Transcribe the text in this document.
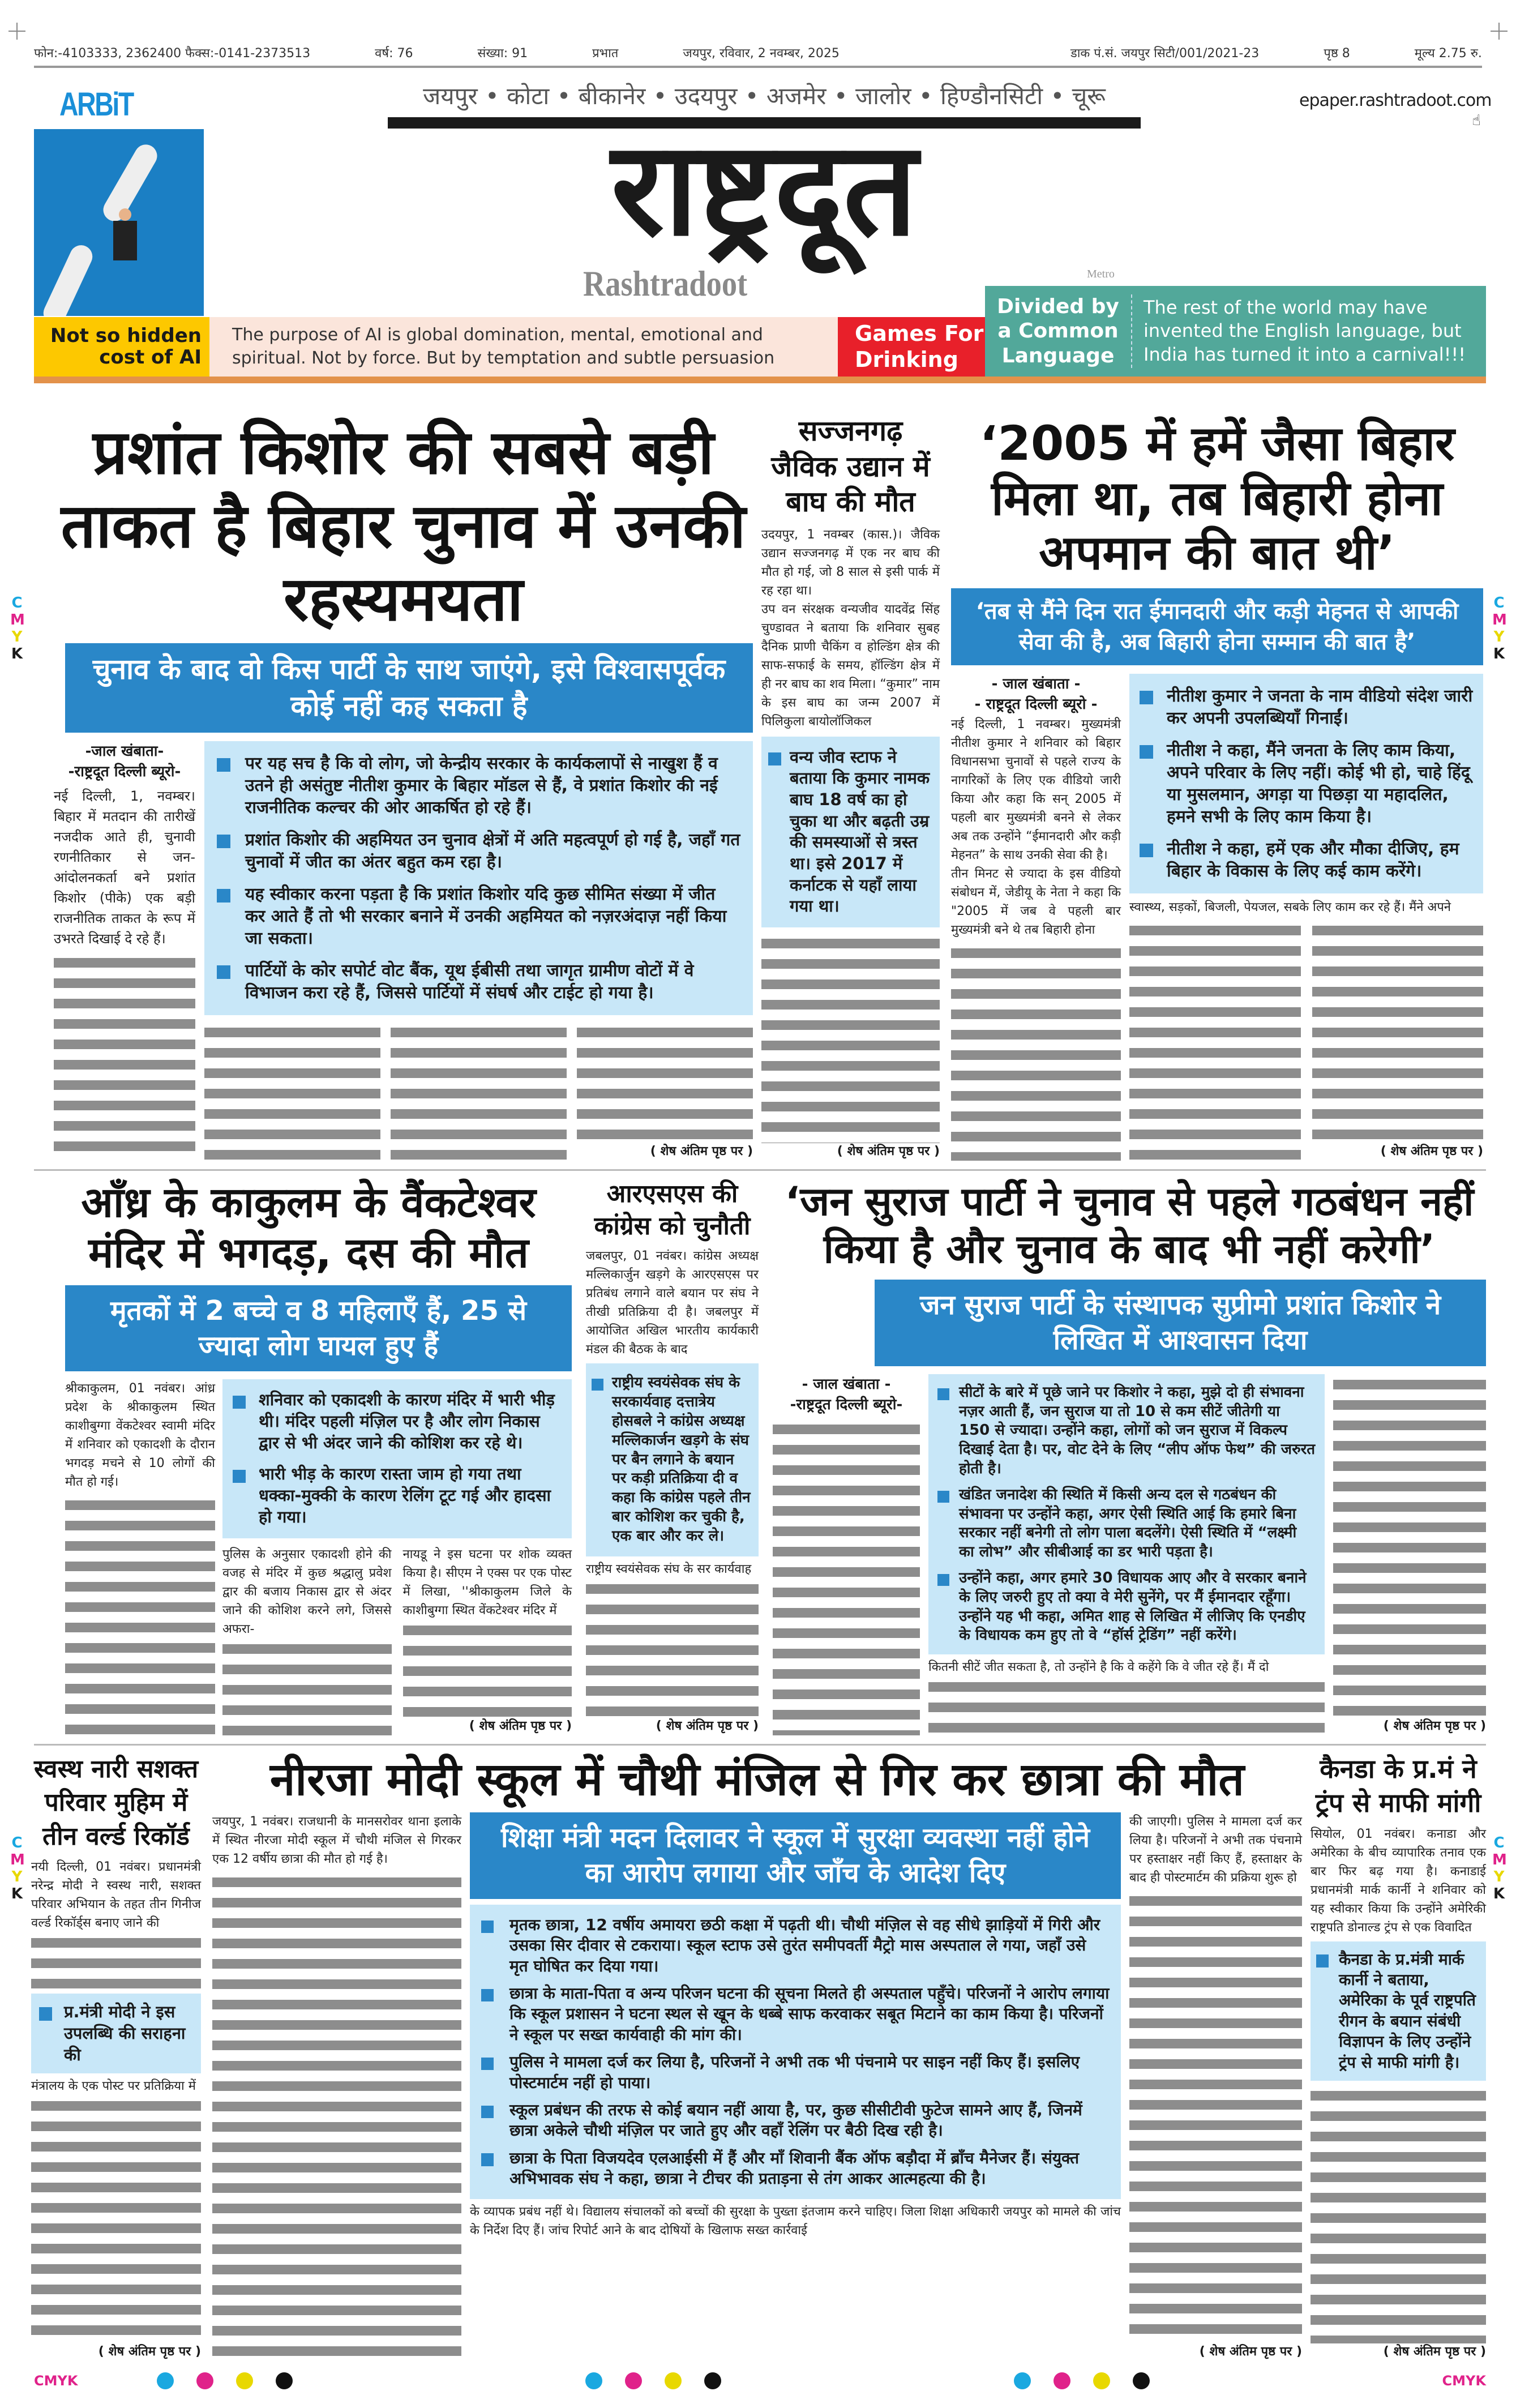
फोन:-4103333, 2362400 फैक्स:-0141-2373513	वर्ष: 76	संख्या: 91	प्रभात	जयपुर, रविवार, 2 नवम्बर, 2025	डाक पं.सं. जयपुर सिटी/001/2021-23	पृष्ठ 8	मूल्य 2.75 रु.
ARBiT	जयपुर • कोटा • बीकानेर • उदयपुर • अजमेर • जालोर • हिण्डौनसिटी • चूरू
राष्ट्रदूत
Metro
Rashtradoot
epaper.rashtradoot.com
☝
Not so hidden cost of AI
The purpose of AI is global domination, mental, emotional and spiritual. Not by force. But by temptation and subtle persuasion
Games For Drinking
Divided by a Common Language
The rest of the world may have invented the English language, but India has turned it into a carnival!!!
C
M
Y
K
C
M
Y
K
C
M
Y
K
C
M
Y
K
प्रशांत किशोर की सबसे बड़ी ताकत है बिहार चुनाव में उनकी रहस्यमयता
चुनाव के बाद वो किस पार्टी के साथ जाएंगे, इसे विश्वासपूर्वक कोई नहीं कह सकता है
-जाल खंबाता-
-राष्ट्रदूत दिल्ली ब्यूरो-
नई दिल्ली, 1, नवम्बर। बिहार में मतदान की तारीखें नजदीक आते ही, चुनावी रणनीतिकार से जन-आंदोलनकर्ता बने प्रशांत किशोर (पीके) एक बड़ी राजनीतिक ताकत के रूप में उभरते दिखाई दे रहे हैं।
पर यह सच है कि वो लोग, जो केन्द्रीय सरकार के कार्यकलापों से नाखुश हैं व उतने ही असंतुष्ट नीतीश कुमार के बिहार मॉडल से हैं, वे प्रशांत किशोर की नई राजनीतिक कल्चर की ओर आकर्षित हो रहे हैं।
प्रशांत किशोर की अहमियत उन चुनाव क्षेत्रों में अति महत्वपूर्ण हो गई है, जहाँ गत चुनावों में जीत का अंतर बहुत कम रहा है।
यह स्वीकार करना पड़ता है कि प्रशांत किशोर यदि कुछ सीमित संख्या में जीत कर आते हैं तो भी सरकार बनाने में उनकी अहमियत को नज़रअंदाज़ नहीं किया जा सकता।
पार्टियों के कोर सपोर्ट वोट बैंक, यूथ ईबीसी तथा जागृत ग्रामीण वोटों में वे विभाजन करा रहे हैं, जिससे पार्टियों में संघर्ष और टाईट हो गया है।
( शेष अंतिम पृष्ठ पर )
सज्जनगढ़ जैविक उद्यान में बाघ की मौत
उदयपुर, 1 नवम्बर (कास.)। जैविक उद्यान सज्जनगढ़ में एक नर बाघ की मौत हो गई, जो 8 साल से इसी पार्क में रह रहा था।
उप वन संरक्षक वन्यजीव यादवेंद्र सिंह चुण्डावत ने बताया कि शनिवार सुबह दैनिक प्राणी चैकिंग व होल्डिंग क्षेत्र की साफ-सफाई के समय, हॉल्डिंग क्षेत्र में ही नर बाघ का शव मिला। “कुमार” नाम के इस बाघ का जन्म 2007 में पिलिकुला बायोलॉजिकल
वन्य जीव स्टाफ ने बताया कि कुमार नामक बाघ 18 वर्ष का हो चुका था और बढ़ती उम्र की समस्याओं से त्रस्त था। इसे 2017 में कर्नाटक से यहाँ लाया गया था।
( शेष अंतिम पृष्ठ पर )
‘2005 में हमें जैसा बिहार मिला था, तब बिहारी होना अपमान की बात थी’
‘तब से मैंने दिन रात ईमानदारी और कड़ी मेहनत से आपकी सेवा की है, अब बिहारी होना सम्मान की बात है’
- जाल खंबाता -
- राष्ट्रदूत दिल्ली ब्यूरो -
नई दिल्ली, 1 नवम्बर। मुख्यमंत्री नीतीश कुमार ने शनिवार को बिहार विधानसभा चुनावों से पहले राज्य के नागरिकों के लिए एक वीडियो जारी किया और कहा कि सन् 2005 में पहली बार मुख्यमंत्री बनने से लेकर अब तक उन्होंने “ईमानदारी और कड़ी मेहनत” के साथ उनकी सेवा की है।
तीन मिनट से ज्यादा के इस वीडियो संबोधन में, जेडीयू के नेता ने कहा कि "2005 में जब वे पहली बार मुख्यमंत्री बने थे तब बिहारी होना
नीतीश कुमार ने जनता के नाम वीडियो संदेश जारी कर अपनी उपलब्धियाँ गिनाईं।
नीतीश ने कहा, मैंने जनता के लिए काम किया, अपने परिवार के लिए नहीं। कोई भी हो, चाहे हिंदू या मुसलमान, अगड़ा या पिछड़ा या महादलित, हमने सभी के लिए काम किया है।
नीतीश ने कहा, हमें एक और मौका दीजिए, हम बिहार के विकास के लिए कई काम करेंगे।
स्वास्थ्य, सड़कों, बिजली, पेयजल, सबके लिए काम कर रहे हैं। मैंने अपने
( शेष अंतिम पृष्ठ पर )
आँध्र के काकुलम के वैंकटेश्वर मंदिर में भगदड़, दस की मौत
मृतकों में 2 बच्चे व 8 महिलाएँ हैं, 25 से ज्यादा लोग घायल हुए हैं
श्रीकाकुलम, 01 नवंबर। आंध्र प्रदेश के श्रीकाकुलम स्थित काशीबुग्गा वेंकटेश्वर स्वामी मंदिर में शनिवार को एकादशी के दौरान भगदड़ मचने से 10 लोगों की मौत हो गई।
शनिवार को एकादशी के कारण मंदिर में भारी भीड़ थी। मंदिर पहली मंज़िल पर है और लोग निकास द्वार से भी अंदर जाने की कोशिश कर रहे थे।
भारी भीड़ के कारण रास्ता जाम हो गया तथा धक्का-मुक्की के कारण रेलिंग टूट गई और हादसा हो गया।
पुलिस के अनुसार एकादशी होने की वजह से मंदिर में कुछ श्रद्धालु प्रवेश द्वार की बजाय निकास द्वार से अंदर जाने की कोशिश करने लगे, जिससे अफरा-
नायडू ने इस घटना पर शोक व्यक्त किया है। सीएम ने एक्स पर एक पोस्ट में लिखा, ''श्रीकाकुलम जिले के काशीबुग्गा स्थित वेंकटेश्वर मंदिर में
( शेष अंतिम पृष्ठ पर )
आरएसएस की कांग्रेस को चुनौती
जबलपुर, 01 नवंबर। कांग्रेस अध्यक्ष मल्लिकार्जुन खड़गे के आरएसएस पर प्रतिबंध लगाने वाले बयान पर संघ ने तीखी प्रतिक्रिया दी है। जबलपुर में आयोजित अखिल भारतीय कार्यकारी मंडल की बैठक के बाद
राष्ट्रीय स्वयंसेवक संघ के सरकार्यवाह दत्तात्रेय होसबले ने कांग्रेस अध्यक्ष मल्लिकार्जन खड़गे के संघ पर बैन लगाने के बयान पर कड़ी प्रतिक्रिया दी व कहा कि कांग्रेस पहले तीन बार कोशिश कर चुकी है, एक बार और कर ले।
राष्ट्रीय स्वयंसेवक संघ के सर कार्यवाह
( शेष अंतिम पृष्ठ पर )
‘जन सुराज पार्टी ने चुनाव से पहले गठबंधन नहीं किया है और चुनाव के बाद भी नहीं करेगी’
जन सुराज पार्टी के संस्थापक सुप्रीमो प्रशांत किशोर ने लिखित में आश्वासन दिया
- जाल खंबाता -
-राष्ट्रदूत दिल्ली ब्यूरो-
सीटों के बारे में पूछे जाने पर किशोर ने कहा, मुझे दो ही संभावना नज़र आती हैं, जन सुराज या तो 10 से कम सीटें जीतेगी या 150 से ज्यादा। उन्होंने कहा, लोगों को जन सुराज में विकल्प दिखाई देता है। पर, वोट देने के लिए “लीप ऑफ फेथ” की जरुरत होती है।
खंडित जनादेश की स्थिति में किसी अन्य दल से गठबंधन की संभावना पर उन्होंने कहा, अगर ऐसी स्थिति आई कि हमारे बिना सरकार नहीं बनेगी तो लोग पाला बदलेंगे। ऐसी स्थिति में “लक्ष्मी का लोभ” और सीबीआई का डर भारी पड़ता है।
उन्होंने कहा, अगर हमारे 30 विधायक आए और वे सरकार बनाने के लिए जरुरी हुए तो क्या वे मेरी सुनेंगे, पर मैं ईमानदार रहूँगा। उन्होंने यह भी कहा, अमित शाह से लिखित में लीजिए कि एनडीए के विधायक कम हुए तो वे “हॉर्स ट्रेडिंग” नहीं करेंगे।
कितनी सीटें जीत सकता है, तो उन्होंने है कि वे कहेंगे कि वे जीत रहे हैं। मैं दो
( शेष अंतिम पृष्ठ पर )
स्वस्थ नारी सशक्त परिवार मुहिम में तीन वर्ल्ड रिकॉर्ड
नयी दिल्ली, 01 नवंबर। प्रधानमंत्री नरेन्द्र मोदी ने स्वस्थ नारी, सशक्त परिवार अभियान के तहत तीन गिनीज वर्ल्ड रिकॉर्ड्स बनाए जाने की
प्र.मंत्री मोदी ने इस उपलब्धि की सराहना की
मंत्रालय के एक पोस्ट पर प्रतिक्रिया में
( शेष अंतिम पृष्ठ पर )
नीरजा मोदी स्कूल में चौथी मंजिल से गिर कर छात्रा की मौत
जयपुर, 1 नवंबर। राजधानी के मानसरोवर थाना इलाके में स्थित नीरजा मोदी स्कूल में चौथी मंजिल से गिरकर एक 12 वर्षीय छात्रा की मौत हो गई है।
शिक्षा मंत्री मदन दिलावर ने स्कूल में सुरक्षा व्यवस्था नहीं होने का आरोप लगाया और जाँच के आदेश दिए
मृतक छात्रा, 12 वर्षीय अमायरा छठी कक्षा में पढ़ती थी। चौथी मंज़िल से वह सीधे झाड़ियों में गिरी और उसका सिर दीवार से टकराया। स्कूल स्टाफ उसे तुरंत समीपवर्ती मैट्रो मास अस्पताल ले गया, जहाँ उसे मृत घोषित कर दिया गया।
छात्रा के माता-पिता व अन्य परिजन घटना की सूचना मिलते ही अस्पताल पहुँचे। परिजनों ने आरोप लगाया कि स्कूल प्रशासन ने घटना स्थल से खून के धब्बे साफ करवाकर सबूत मिटाने का काम किया है। परिजनों ने स्कूल पर सख्त कार्यवाही की मांग की।
पुलिस ने मामला दर्ज कर लिया है, परिजनों ने अभी तक भी पंचनामे पर साइन नहीं किए हैं। इसलिए पोस्टमार्टम नहीं हो पाया।
स्कूल प्रबंधन की तरफ से कोई बयान नहीं आया है, पर, कुछ सीसीटीवी फुटेज सामने आए हैं, जिनमें छात्रा अकेले चौथी मंज़िल पर जाते हुए और वहाँ रेलिंग पर बैठी दिख रही है।
छात्रा के पिता विजयदेव एलआईसी में हैं और माँ शिवानी बैंक ऑफ बड़ौदा में ब्राँच मैनेजर हैं। संयुक्त अभिभावक संघ ने कहा, छात्रा ने टीचर की प्रताड़ना से तंग आकर आत्महत्या की है।
के व्यापक प्रबंध नहीं थे। विद्यालय संचालकों को बच्चों की सुरक्षा के पुख्ता इंतजाम करने चाहिए। जिला शिक्षा अधिकारी जयपुर को मामले की जांच के निर्देश दिए हैं। जांच रिपोर्ट आने के बाद दोषियों के खिलाफ सख्त कार्रवाई
की जाएगी। पुलिस ने मामला दर्ज कर लिया है। परिजनों ने अभी तक पंचनामे पर हस्ताक्षर नहीं किए हैं, हस्ताक्षर के बाद ही पोस्टमार्टम की प्रक्रिया शुरू हो
( शेष अंतिम पृष्ठ पर )
कैनडा के प्र.मं ने ट्रंप से माफी मांगी
सियोल, 01 नवंबर। कनाडा और अमेरिका के बीच व्यापारिक तनाव एक बार फिर बढ़ गया है। कनाडाई प्रधानमंत्री मार्क कार्नी ने शनिवार को यह स्वीकार किया कि उन्होंने अमेरिकी राष्ट्रपति डोनाल्ड ट्रंप से एक विवादित
कैनडा के प्र.मंत्री मार्क कार्नी ने बताया, अमेरिका के पूर्व राष्ट्रपति रीगन के बयान संबंधी विज्ञापन के लिए उन्होंने ट्रंप से माफी मांगी है।
( शेष अंतिम पृष्ठ पर )
CMYK	CMYK
